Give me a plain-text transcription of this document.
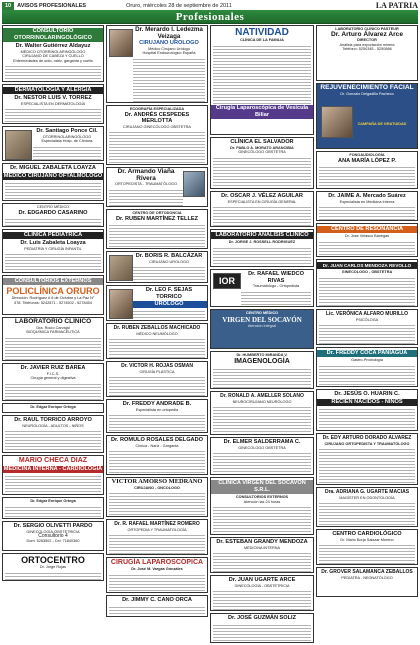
10	AVISOS PROFESIONALES	Oruro, miércoles 28 de septiembre de 2011	LA PATRIA
Profesionales
CONSULTORIO OTORRINOLARINGOLÓGICO
Dr. Walter Gutiérrez Aldayuz
MÉDICO OTORRINOLARINGÓLOGO
CIRUJANO DE CABEZA Y CUELLO
Enfermedades de oído, nariz, garganta y cuello
DERMATOLOGÍA Y ALERGIA
Dr. NESTOR LUIS V. TORREZ
ESPECIALISTA EN DERMATOLOGÍA
Dr. Santiago Ponce Cil.
OTORRINOLARINGÓLOGO
Especialista Hosp. de Clínicas
Dr. MIGUEL ZABALETA LOAYZA
MÉDICO CIRUJANO OFTALMÓLOGO
CENTRO MÉDICO
Dr. EDGARDO CASARINO
CLÍNICA PEDIÁTRICA
Dr. Luis Zabaleta Loayza
PEDIATRÍA Y CIRUGÍA INFANTIL
CONSULTORIOS EXTERNOS
POLICLÍNICA ORURO
Dirección: Rodríguez # 6 de Octubre y La Paz N°
578. Teléfonos: 5242871 - 5274502 - 5278454
LABORATORIO CLÍNICO
Dra. Rocío Carvajal
BIOQUÍMICA FARMACÉUTICA
Dr. JAVIER RUIZ BAREA
F.I.C.S.
Cirugía general y digestiva
Dr. Edgar Enrique Ortega
Dr. RAUL TORRICO ARROYO
NEUROLOGÍA - ADULTOS - NIÑOS
MARIO CHECA DIAZ
MEDICINA INTERNA - CARDIOLOGÍA
Dr. Edgar Enrique Ortega
Dr. SERGIO OLIVETTI PARDO
GINECOLOGÍA-OBSTETRICIA
Consultorio 4
Dom: 5283502 - Cel: 71840360
ORTOCENTRO
Dr. Jorge Rojas
Dr. Merardo I. Ledezma Veizaga
CIRUJANO UROLOGO
Médico Cirujano Urólogo
Hospital Endourológico España
ECOGRAFÍA ESPECIALIZADA
Dr. ANDRÉS CESPEDES MERLOTTA
CIRUJANO GINECÓLOGO OBSTETRA
Dr. Armando Viaña Rivera
ORTOPEDISTA - TRAUMATÓLOGO
CENTRO DE ORTODONCIA
Dr. RUBEN MARTÍNEZ TELLEZ
Dr. BORIS R. BALCÁZAR
CIRUJANO UROLOGO
Dr. LEO F. SEJAS TORRICO
UROLOGO
Dr. RUBEN ZEBALLOS MACHICADO
MÉDICO NEUMÓLOGO
Dr. VICTOR H. ROJAS OSMAN
CIRUGÍA PLÁSTICA
Dr. FREDDY ANDRADE B.
Especialista en ortopedia
Dr. ROMULO ROSALES DELGADO
Clínica - Nariz - Garganta
VICTOR AMORSO MEDRANO
CIRUJANO - ONCOLOGO
Dr. R. RAFAEL MARTÍNEZ ROMERO
ORTOPEDIA Y TRAUMATOLOGÍA
CIRUGÍA LAPAROSCÓPICA
Dr. José M. Vargas Gonzáles
Dr. JIMMY C. CANO ORCA
NATIVIDAD
CLÍNICA DE LA FAMILIA
Cirugía Laparoscópica de Vesícula Biliar
CLÍNICA EL SALVADOR
Dr. PABLO A. MORATO ARANCIBIA
GINECÓLOGO OBSTETRA
Dr. OSCAR J. VÉLEZ AGUILAR
ESPECIALISTA EN CIRUGÍA GENERAL
LABORATORIO ANÁLISIS CLÍNICO
Dr. JORGE J. ROSSELL RODRIGUEZ
IOR
Dr. RAFAEL WIEDCO RIVAS
Traumatólogo - Ortopedista
CENTRO MÉDICO
VIRGEN DEL SOCAVÓN
Atención integral
Dr. HUMBERTO MIRANDA V.
IMAGENOLOGÍA
Dr. RONALD A. AMELLER SOLANO
NEUROCIRUJANO NEURÓLOGO
Dr. ELMER SALDERRAMA C.
GINECOLOGO OBSTETRA
CLÍNICA VIRGEN DEL SOCAVÓN S.R.L.
CONSULTORIOS EXTERNOS
Atención las 24 horas
Dr. ESTEBAN GRANDY MENDOZA
MEDICINA INTERNA
Dr. JUAN UGARTE ARCE
GINECOLOGÍA - OBSTETRICIA
Dr. JOSÉ GUZMÁN SOLIZ
LABORATORIO CLÍNICO PASTEUR
Dr. Arturo Álvarez Arce
DIRECTOR
Análisis para exportación minera
Teléfono: 5250345 - 5250886
REJUVENECIMIENTO FACIAL
Dr. Gonzalo Delgadillo Pacheco
CAMPAÑA DE GRATUIDAD
FONOAUDIOLOGÍA
ANA MARÍA LÓPEZ P.
Dr. JAIME A. Mercado Suárez
Especialista en Medicina Interna
CENTRO DE RESONANCIA
Dr. Jose Velasco Banegas
Dr. JUAN CARLOS MENDOZA REVOLLO
GINECOLOGO - OBSTETRA
Lic. VERÓNICA ALFARO MURILLO
PSICÓLOGA
Dr. FREDDY COCA PANIAGUA
Gastro-Proctología
Dr. JESÚS O. HUARIN C.
RECIÉN NACIDOS - NIÑOS
Dr. EDY ARTURO DORADO ALVAREZ
CIRUJANO ORTOPEDISTA Y TRAUMATÓLOGO
Dra. ADRIANA G. UGARTE MACIAS
MAGÍSTER EN ODONTOLOGÍA
CENTRO CARDIOLÓGICO
Dr. Mario Borja Salazar Moreno
Dr. GROVER SALAMANCA ZEBALLOS
PEDIATRA - NEONATÓLOGO
